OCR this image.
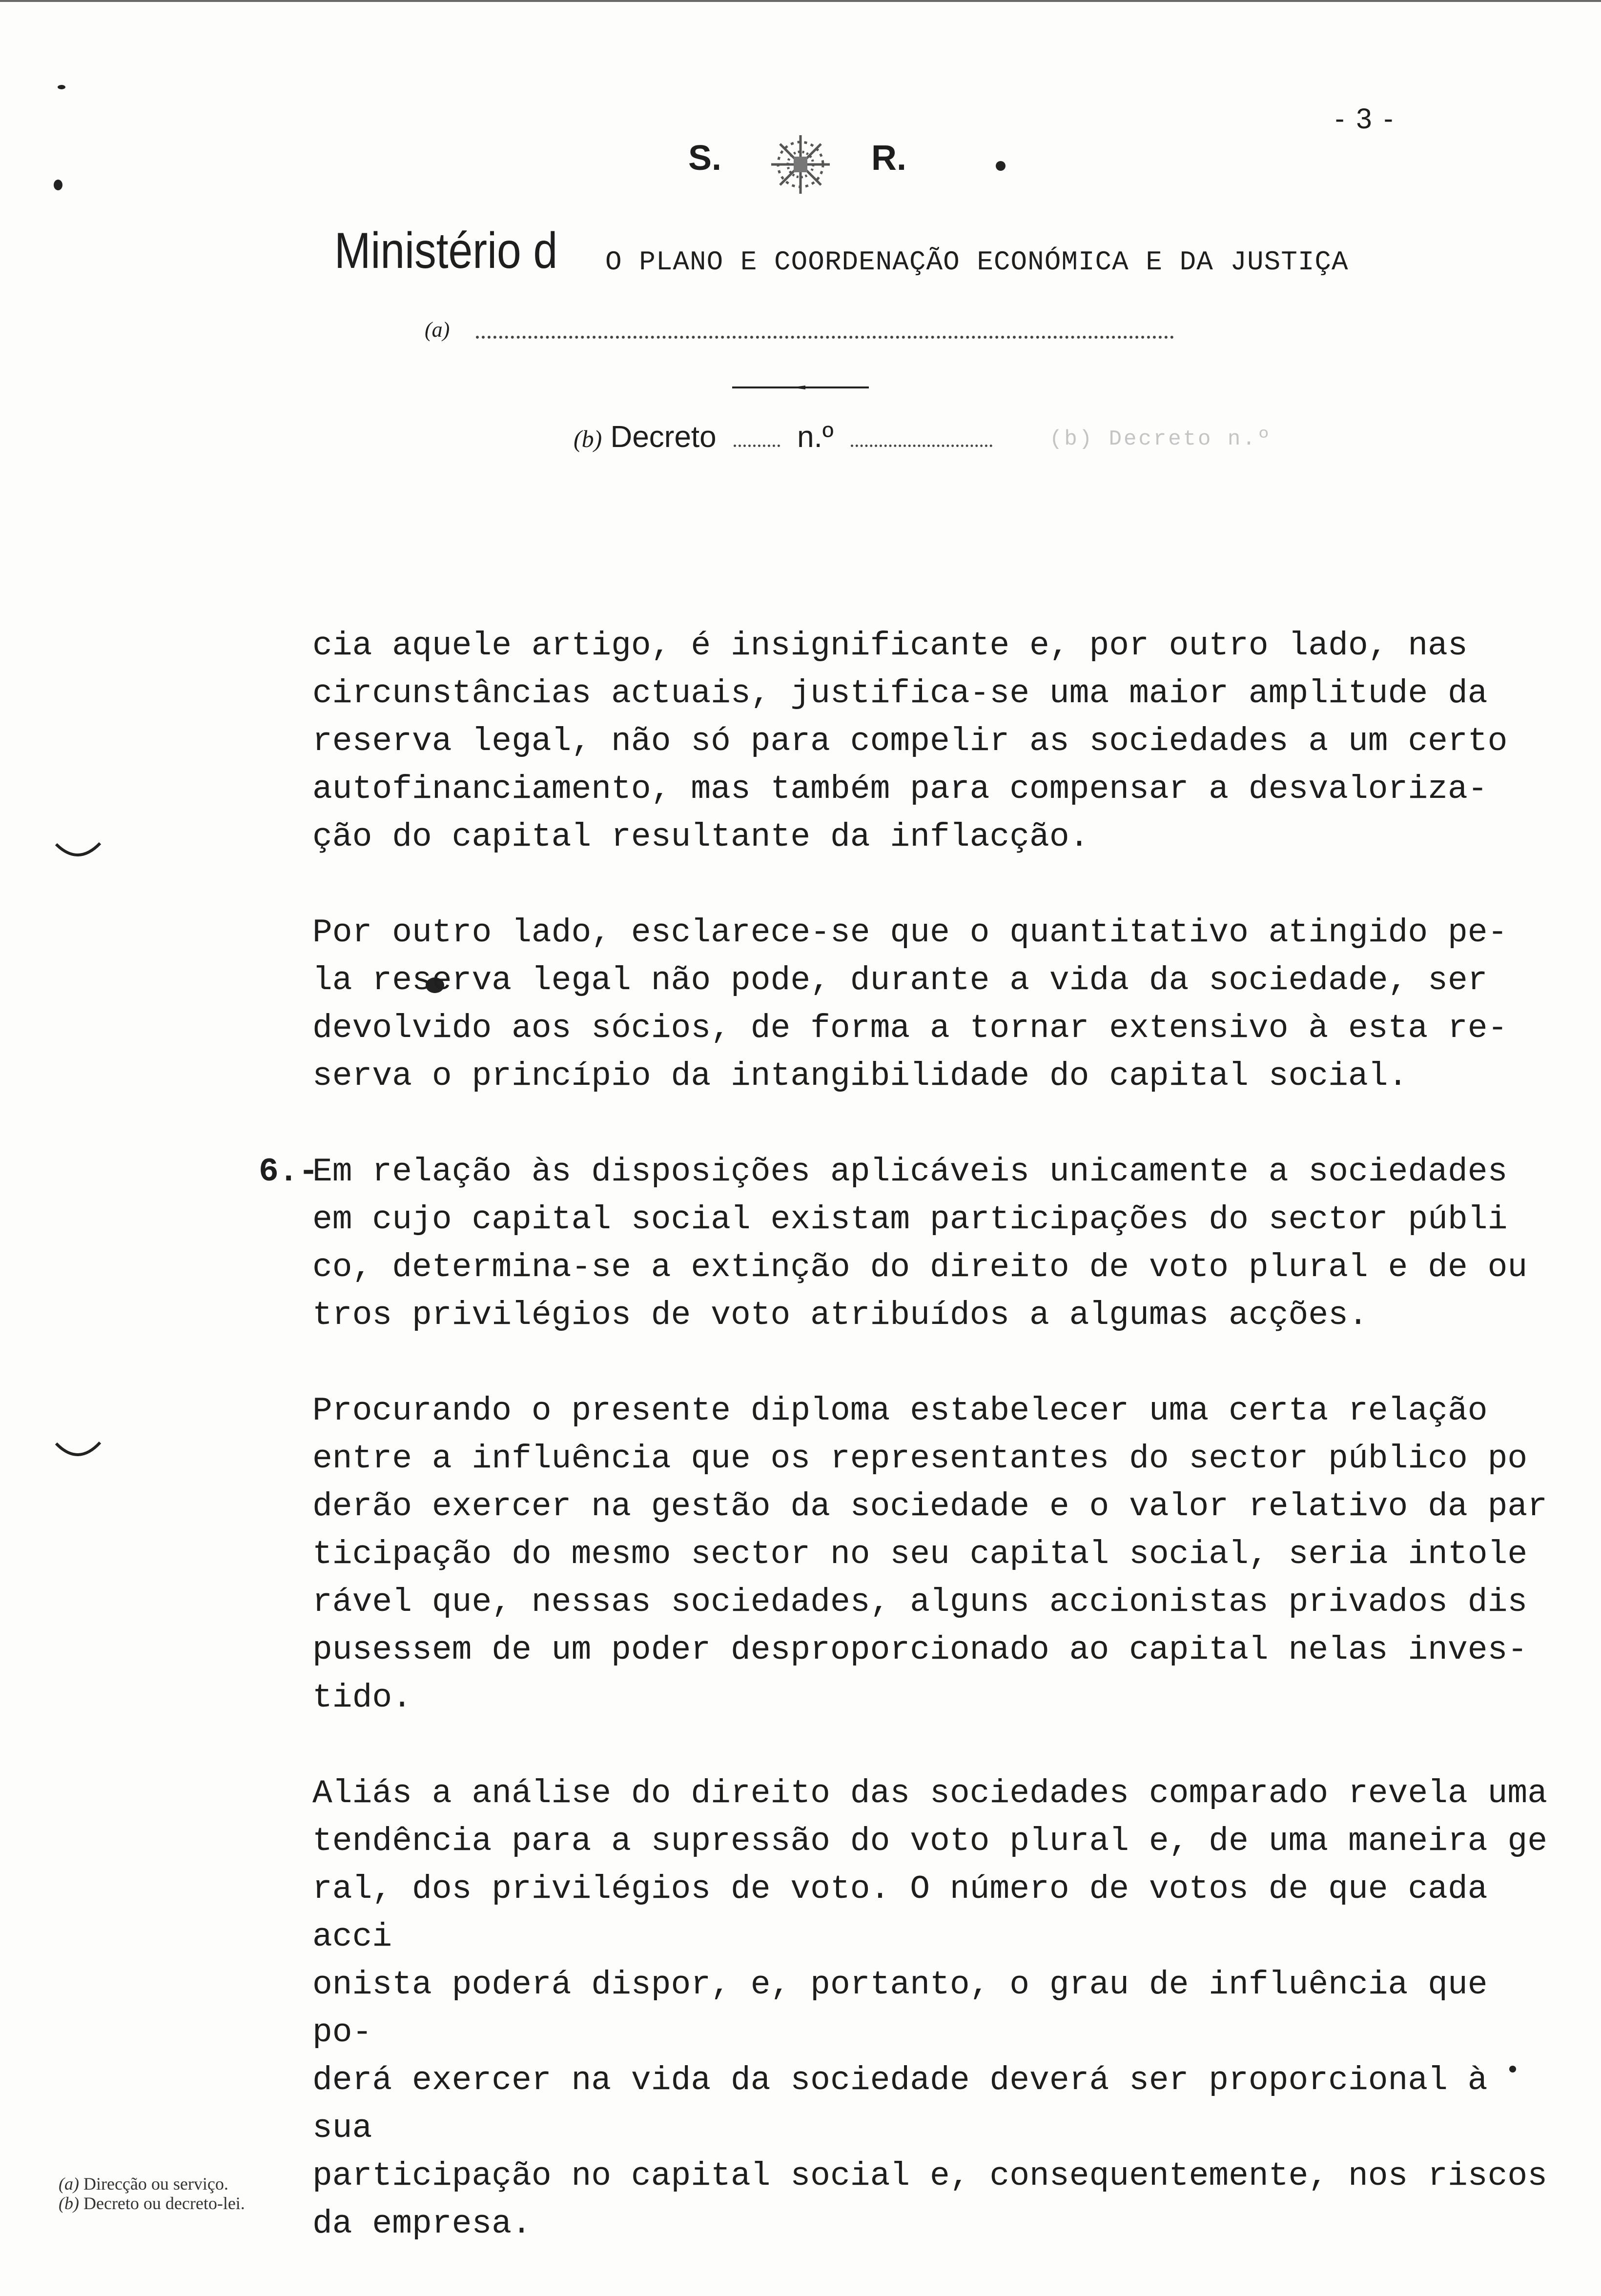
- 3 -
S.	R.
Ministério d O PLANO E COORDENAÇÃO ECONÓMICA E DA JUSTIÇA
(a)
(b) Decreto	n.º	(b) Decreto n.º

cia aquele artigo, é insignificante e, por outro lado, nas
circunstâncias actuais, justifica-se uma maior amplitude da
reserva legal, não só para compelir as sociedades a um certo
autofinanciamento, mas também para compensar a desvaloriza-
ção do capital resultante da inflacção.

Por outro lado, esclarece-se que o quantitativo atingido pe-
la reserva legal não pode, durante a vida da sociedade, ser
devolvido aos sócios, de forma a tornar extensivo à esta re-
serva o princípio da intangibilidade do capital social.

6.-
Em relação às disposições aplicáveis unicamente a sociedades
em cujo capital social existam participações do sector públi
co, determina-se a extinção do direito de voto plural e de ou
tros privilégios de voto atribuídos a algumas acções.

Procurando o presente diploma estabelecer uma certa relação
entre a influência que os representantes do sector público po
derão exercer na gestão da sociedade e o valor relativo da par
ticipação do mesmo sector no seu capital social, seria intole
rável que, nessas sociedades, alguns accionistas privados dis
pusessem de um poder desproporcionado ao capital nelas inves-
tido.

Aliás a análise do direito das sociedades comparado revela uma
tendência para a supressão do voto plural e, de uma maneira ge
ral, dos privilégios de voto. O número de votos de que cada acci
onista poderá dispor, e, portanto, o grau de influência que po-
derá exercer na vida da sociedade deverá ser proporcional à sua
participação no capital social e, consequentemente, nos riscos
da empresa.

(a) Direcção ou serviço.
(b) Decreto ou decreto-lei.
